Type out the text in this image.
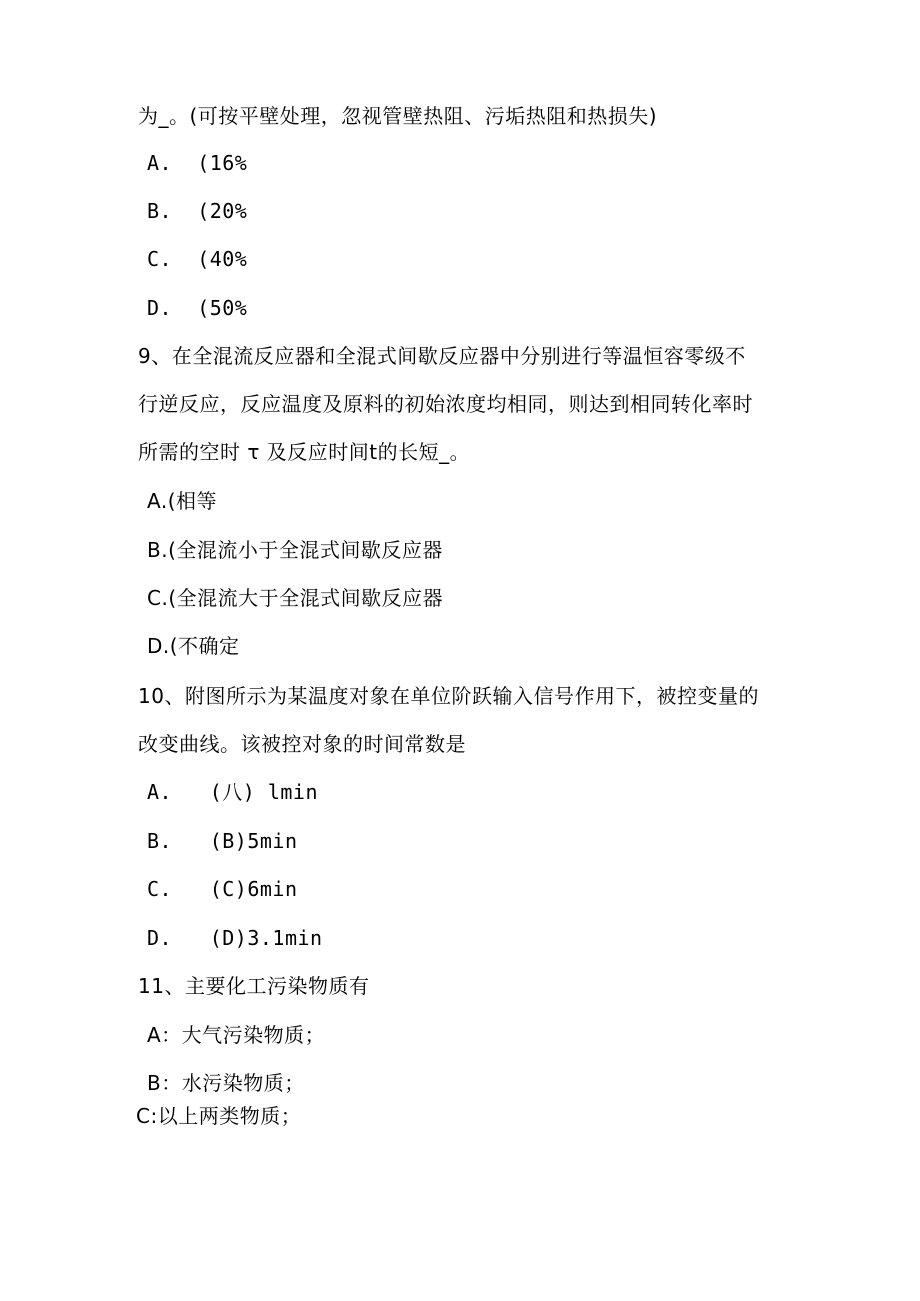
为_。(可按平壁处理，忽视管壁热阻、污垢热阻和热损失)
A. (16%
B. (20%
C. (40%
D. (50%
9、在全混流反应器和全混式间歇反应器中分别进行等温恒容零级不
行逆反应，反应温度及原料的初始浓度均相同，则达到相同转化率时
所需的空时 τ 及反应时间t的长短_。
A.(相等
B.(全混流小于全混式间歇反应器
C.(全混流大于全混式间歇反应器
D.(不确定
10、附图所示为某温度对象在单位阶跃输入信号作用下，被控变量的
改变曲线。该被控对象的时间常数是
A. (八) lmin
B. (B)5min
C. (C)6min
D. (D)3.1min
11、主要化工污染物质有
A：大气污染物质；
B：水污染物质；
C:以上两类物质；
